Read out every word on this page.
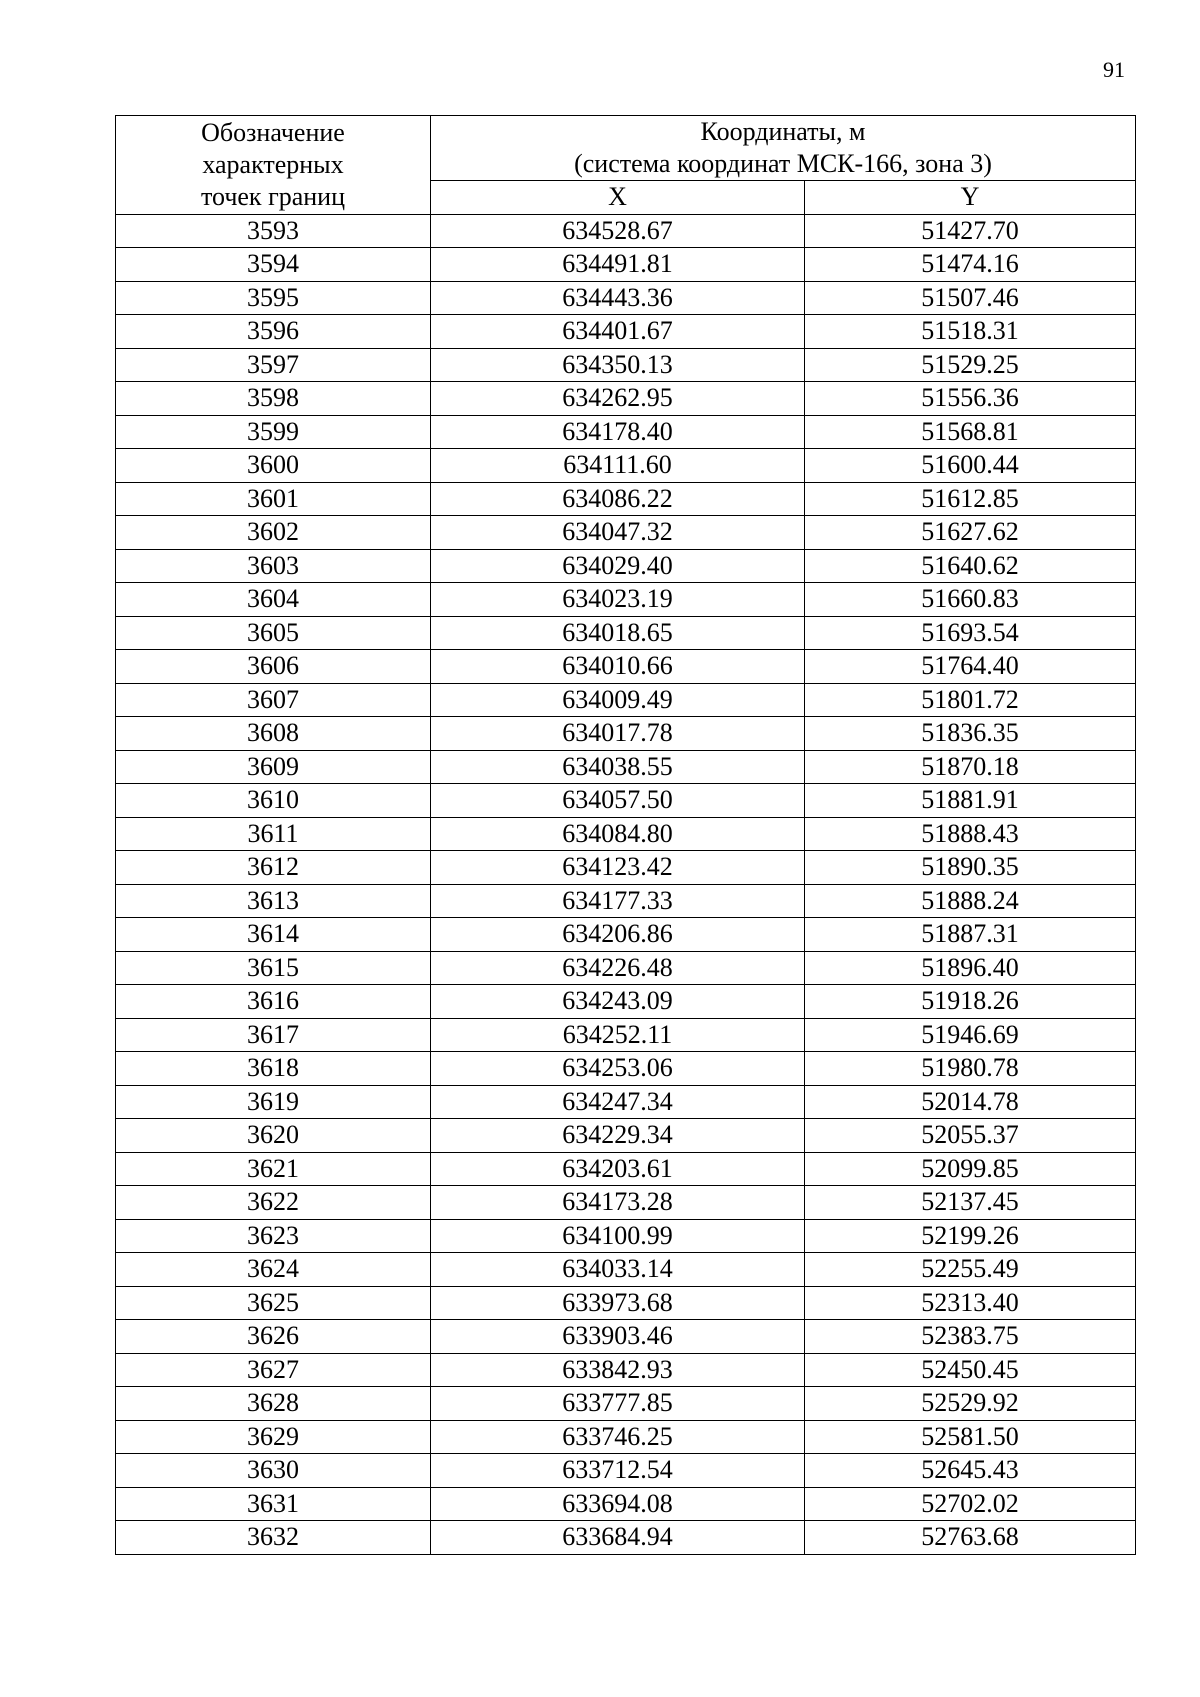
91
Обозначение
характерных
точек границ	Координаты, м
(система координат МСК-166, зона 3)	

	X	Y
3593	634528.67	51427.70
3594	634491.81	51474.16
3595	634443.36	51507.46
3596	634401.67	51518.31
3597	634350.13	51529.25
3598	634262.95	51556.36
3599	634178.40	51568.81
3600	634111.60	51600.44
3601	634086.22	51612.85
3602	634047.32	51627.62
3603	634029.40	51640.62
3604	634023.19	51660.83
3605	634018.65	51693.54
3606	634010.66	51764.40
3607	634009.49	51801.72
3608	634017.78	51836.35
3609	634038.55	51870.18
3610	634057.50	51881.91
3611	634084.80	51888.43
3612	634123.42	51890.35
3613	634177.33	51888.24
3614	634206.86	51887.31
3615	634226.48	51896.40
3616	634243.09	51918.26
3617	634252.11	51946.69
3618	634253.06	51980.78
3619	634247.34	52014.78
3620	634229.34	52055.37
3621	634203.61	52099.85
3622	634173.28	52137.45
3623	634100.99	52199.26
3624	634033.14	52255.49
3625	633973.68	52313.40
3626	633903.46	52383.75
3627	633842.93	52450.45
3628	633777.85	52529.92
3629	633746.25	52581.50
3630	633712.54	52645.43
3631	633694.08	52702.02
3632	633684.94	52763.68
